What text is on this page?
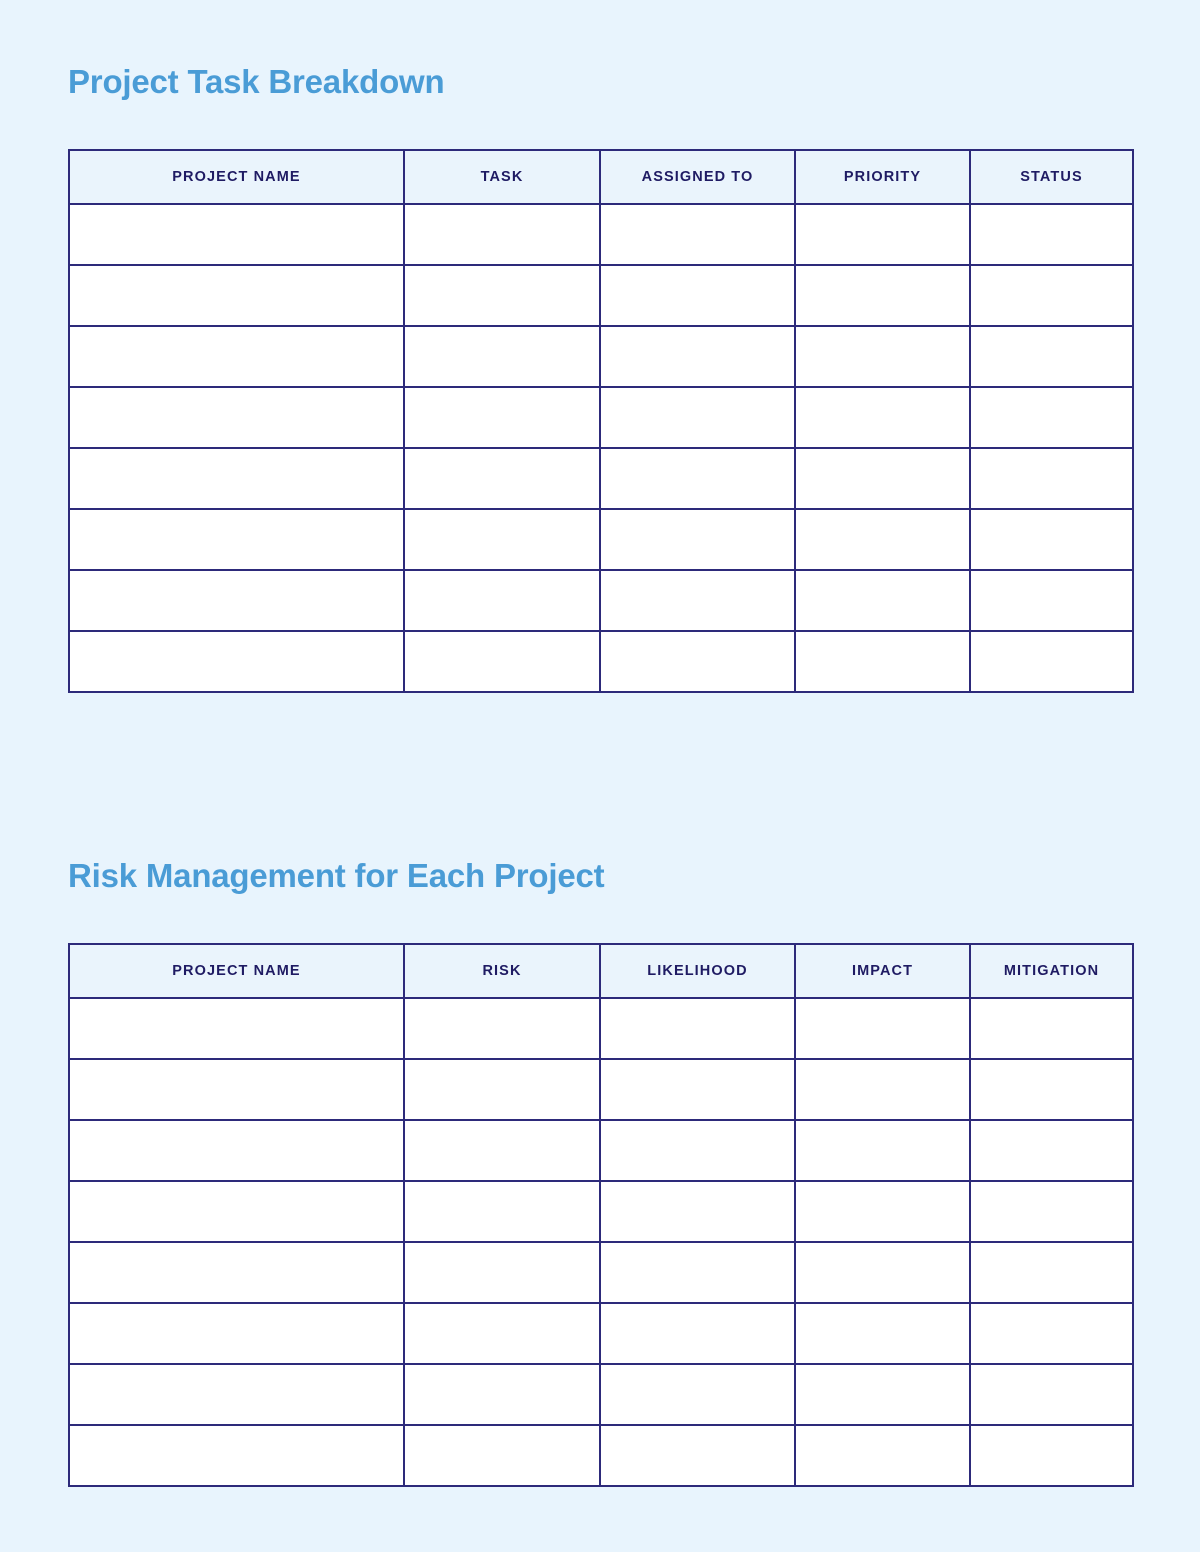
Project Task Breakdown
PROJECT NAME	TASK	ASSIGNED TO	PRIORITY	STATUS

Risk Management for Each Project
PROJECT NAME	RISK	LIKELIHOOD	IMPACT	MITIGATION
